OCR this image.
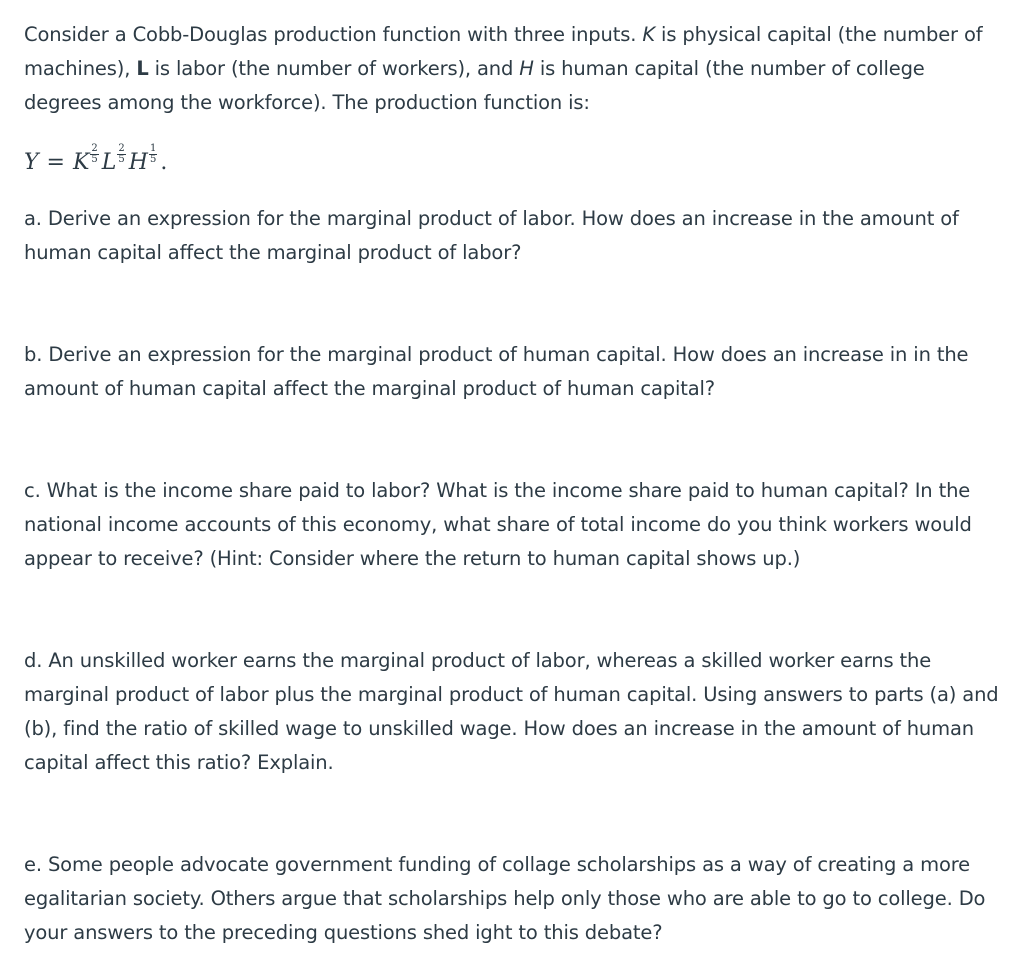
Consider a Cobb-Douglas production function with three inputs. K is physical capital (the number of machines), L is labor (the number of workers), and H is human capital (the number of college degrees among the workforce). The production function is:

Y = K $\frac{2}{5}$ L $\frac{2}{5}$ H $\frac{1}{5}$ .

a. Derive an expression for the marginal product of labor. How does an increase in the amount of human capital affect the marginal product of labor?

b. Derive an expression for the marginal product of human capital. How does an increase in in the amount of human capital affect the marginal product of human capital?

c. What is the income share paid to labor? What is the income share paid to human capital? In the national income accounts of this economy, what share of total income do you think workers would appear to receive? (Hint: Consider where the return to human capital shows up.)

d. An unskilled worker earns the marginal product of labor, whereas a skilled worker earns the marginal product of labor plus the marginal product of human capital. Using answers to parts (a) and (b), find the ratio of skilled wage to unskilled wage. How does an increase in the amount of human capital affect this ratio? Explain.

e. Some people advocate government funding of collage scholarships as a way of creating a more egalitarian society. Others argue that scholarships help only those who are able to go to college. Do your answers to the preceding questions shed ight to this debate?
